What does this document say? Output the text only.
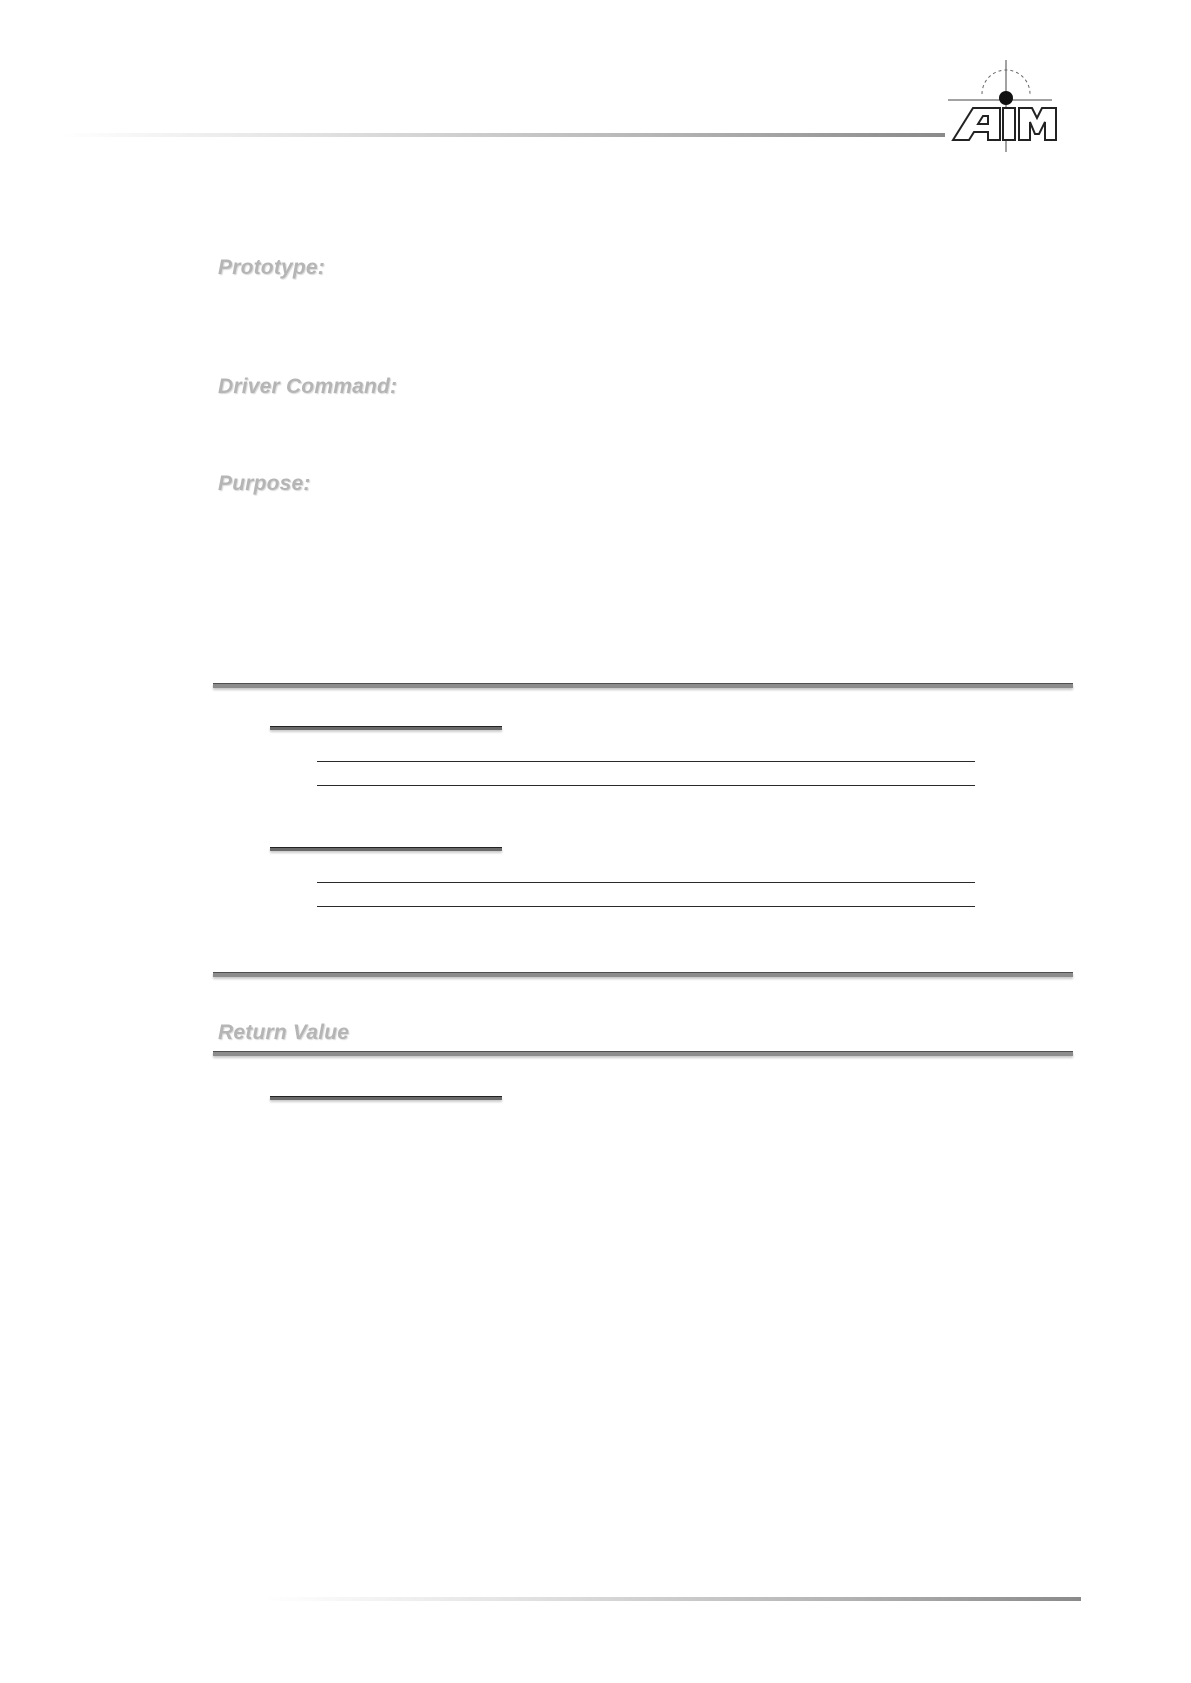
Prototype:
Driver Command:
Purpose:
Return Value
